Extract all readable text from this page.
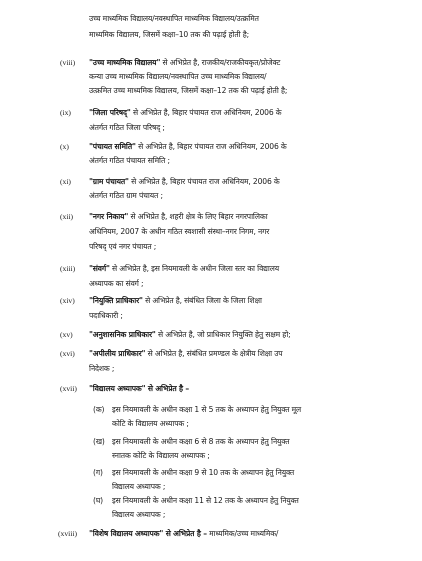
उच्च माध्यमिक विद्यालय/नवस्थापित माध्यमिक विद्यालय/उत्क्रमित
माध्यमिक विद्यालय, जिसमें कक्षा–10 तक की पढ़ाई होती है;
(viii) "उच्च माध्यमिक विद्यालय" से अभिप्रेत है, राजकीय/राजकीयकृत/प्रोजेक्ट
कन्या उच्च माध्यमिक विद्यालय/नवस्थापित उच्च माध्यमिक विद्यालय/
उत्क्रमित उच्च माध्यमिक विद्यालय, जिसमें कक्षा–12 तक की पढ़ाई होती है;
(ix) "जिला परिषद्" से अभिप्रेत है, बिहार पंचायत राज अधिनियम, 2006 के
अंतर्गत गठित जिला परिषद् ;
(x)	"पंचायत समिति" से अभिप्रेत है, बिहार पंचायत राज अधिनियम, 2006 के
अंतर्गत गठित पंचायत समिति ;
(xi) "ग्राम पंचायत" से अभिप्रेत है, बिहार पंचायत राज अधिनियम, 2006 के
अंतर्गत गठित ग्राम पंचायत ;
(xii) "नगर निकाय" से अभिप्रेत है, शहरी क्षेत्र के लिए बिहार नगरपालिका
अधिनियम, 2007 के अधीन गठित स्वशासी संस्था–नगर निगम, नगर
परिषद् एवं नगर पंचायत ;
(xiii) "संवर्ग" से अभिप्रेत है, इस नियमावली के अधीन जिला स्तर का विद्यालय
अध्यापक का संवर्ग ;
(xiv) "नियुक्ति प्राधिकार" से अभिप्रेत है, संबंधित जिला के जिला शिक्षा
पदाधिकारी ;
(xv) "अनुशासनिक प्राधिकार" से अभिप्रेत है, जो प्राधिकार नियुक्ति हेतु सक्षम हो;
(xvi) "अपीलीय प्राधिकार" से अभिप्रेत है, संबंधित प्रमण्डल के क्षेत्रीय शिक्षा उप
निदेशक ;
(xvii) "विद्यालय अध्यापक" से अभिप्रेत है –
(क) इस नियमावली के अधीन कक्षा 1 से 5 तक के अध्यापन हेतु नियुक्त मूल
कोटि के विद्यालय अध्यापक ;
(ख) इस नियमावली के अधीन कक्षा 6 से 8 तक के अध्यापन हेतु नियुक्त
स्नातक कोटि के विद्यालय अध्यापक ;
(ग) इस नियमावली के अधीन कक्षा 9 से 10 तक के अध्यापन हेतु नियुक्त
विद्यालय अध्यापक ;
(घ) इस नियमावली के अधीन कक्षा 11 से 12 तक के अध्यापन हेतु नियुक्त
विद्यालय अध्यापक ;
(xviii) "विशेष विद्यालय अध्यापक" से अभिप्रेत है – माध्यमिक/उच्च माध्यमिक/
